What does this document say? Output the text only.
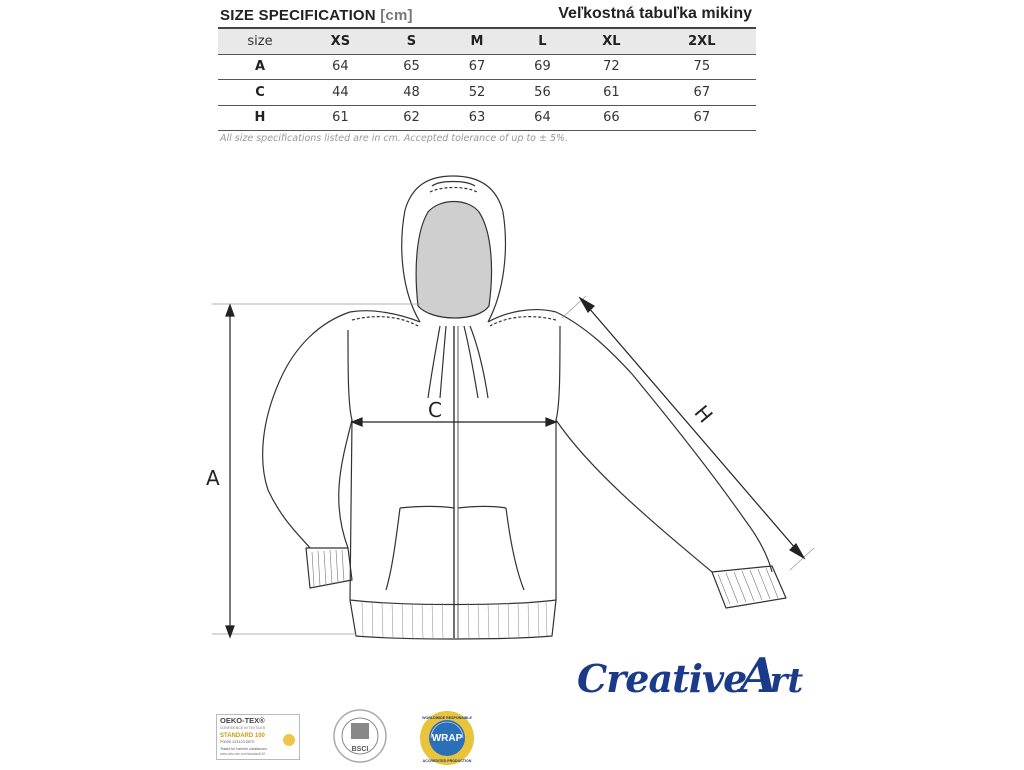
SIZE SPECIFICATION [cm]	Veľkostná tabuľka mikiny
size	XS	S	M	L	XL	2XL
A	64	65	67	69	72	75
C	44	48	52	56	61	67
H	61	62	63	64	66	67
All size specifications listed are in cm. Accepted tolerance of up to ± 5%.
A
C	H
CreativeArt
OEKO-TEX®
CONFIDENCE IN TEXTILES
STANDARD 100
P0000 123123 DETI
Tested for harmful substances.
www.oeko-tex.com/standard100
BSCI
WORLDWIDE RESPONSIBLE
WRAP
ACCREDITED PRODUCTION
